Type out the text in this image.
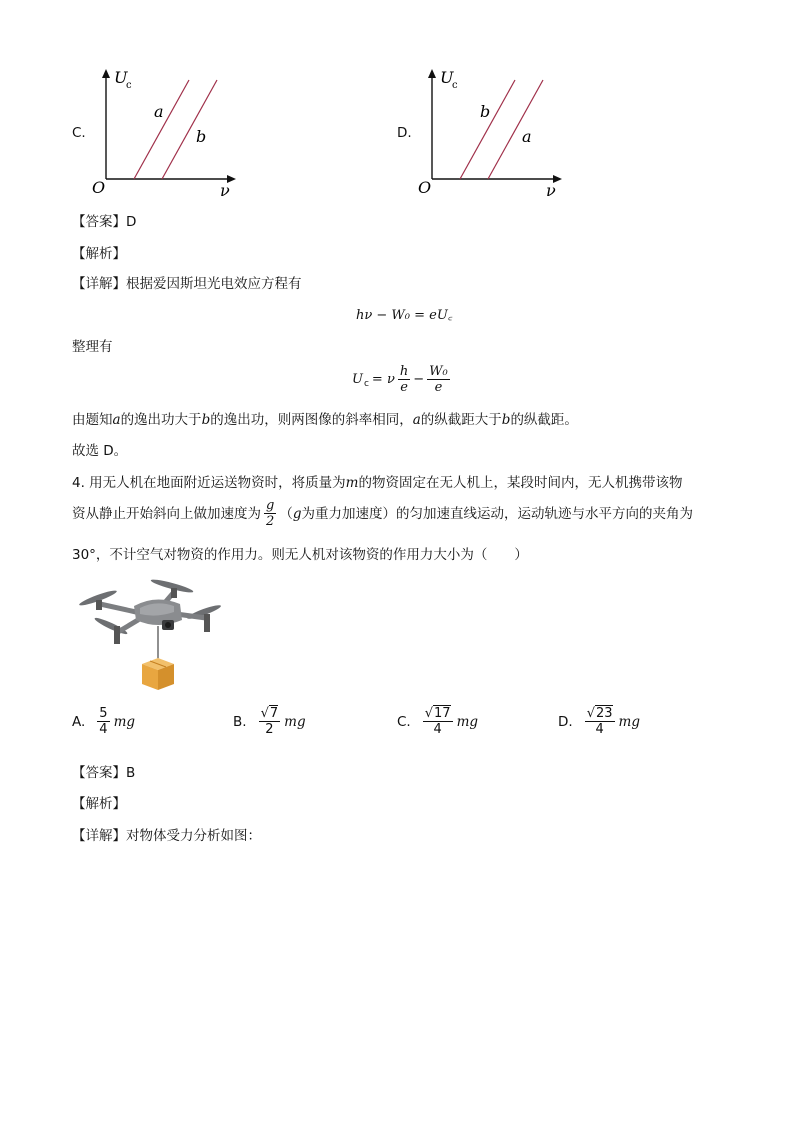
a
b
U
c
O	ν
C.
b
a
U
c
O	ν
D.
【答案】D
【解析】
【详解】根据爱因斯坦光电效应方程有
hν − W₀ = eU꜀
整理有
$U_c = \nu \frac{h}{e} - \frac{\text{W₀}}{e}$
由题知a的逸出功大于b的逸出功，则两图像的斜率相同，a的纵截距大于b的纵截距。
故选 D。
4. 用无人机在地面附近运送物资时，将质量为m的物资固定在无人机上，某段时间内，无人机携带该物
资从静止开始斜向上做加速度为 $\frac{g}{2}$ （ g 为重力加速度）的匀加速直线运动，运动轨迹与水平方向的夹角为
30°，不计空气对物资的作用力。则无人机对该物资的作用力大小为（　　）
A. $\frac{5}{4}$ mg	B. $\frac{√7}{2}$ mg	C. $\frac{√17}{4}$ mg	D. $\frac{√23}{4}$ mg
【答案】B
【解析】
【详解】对物体受力分析如图：
